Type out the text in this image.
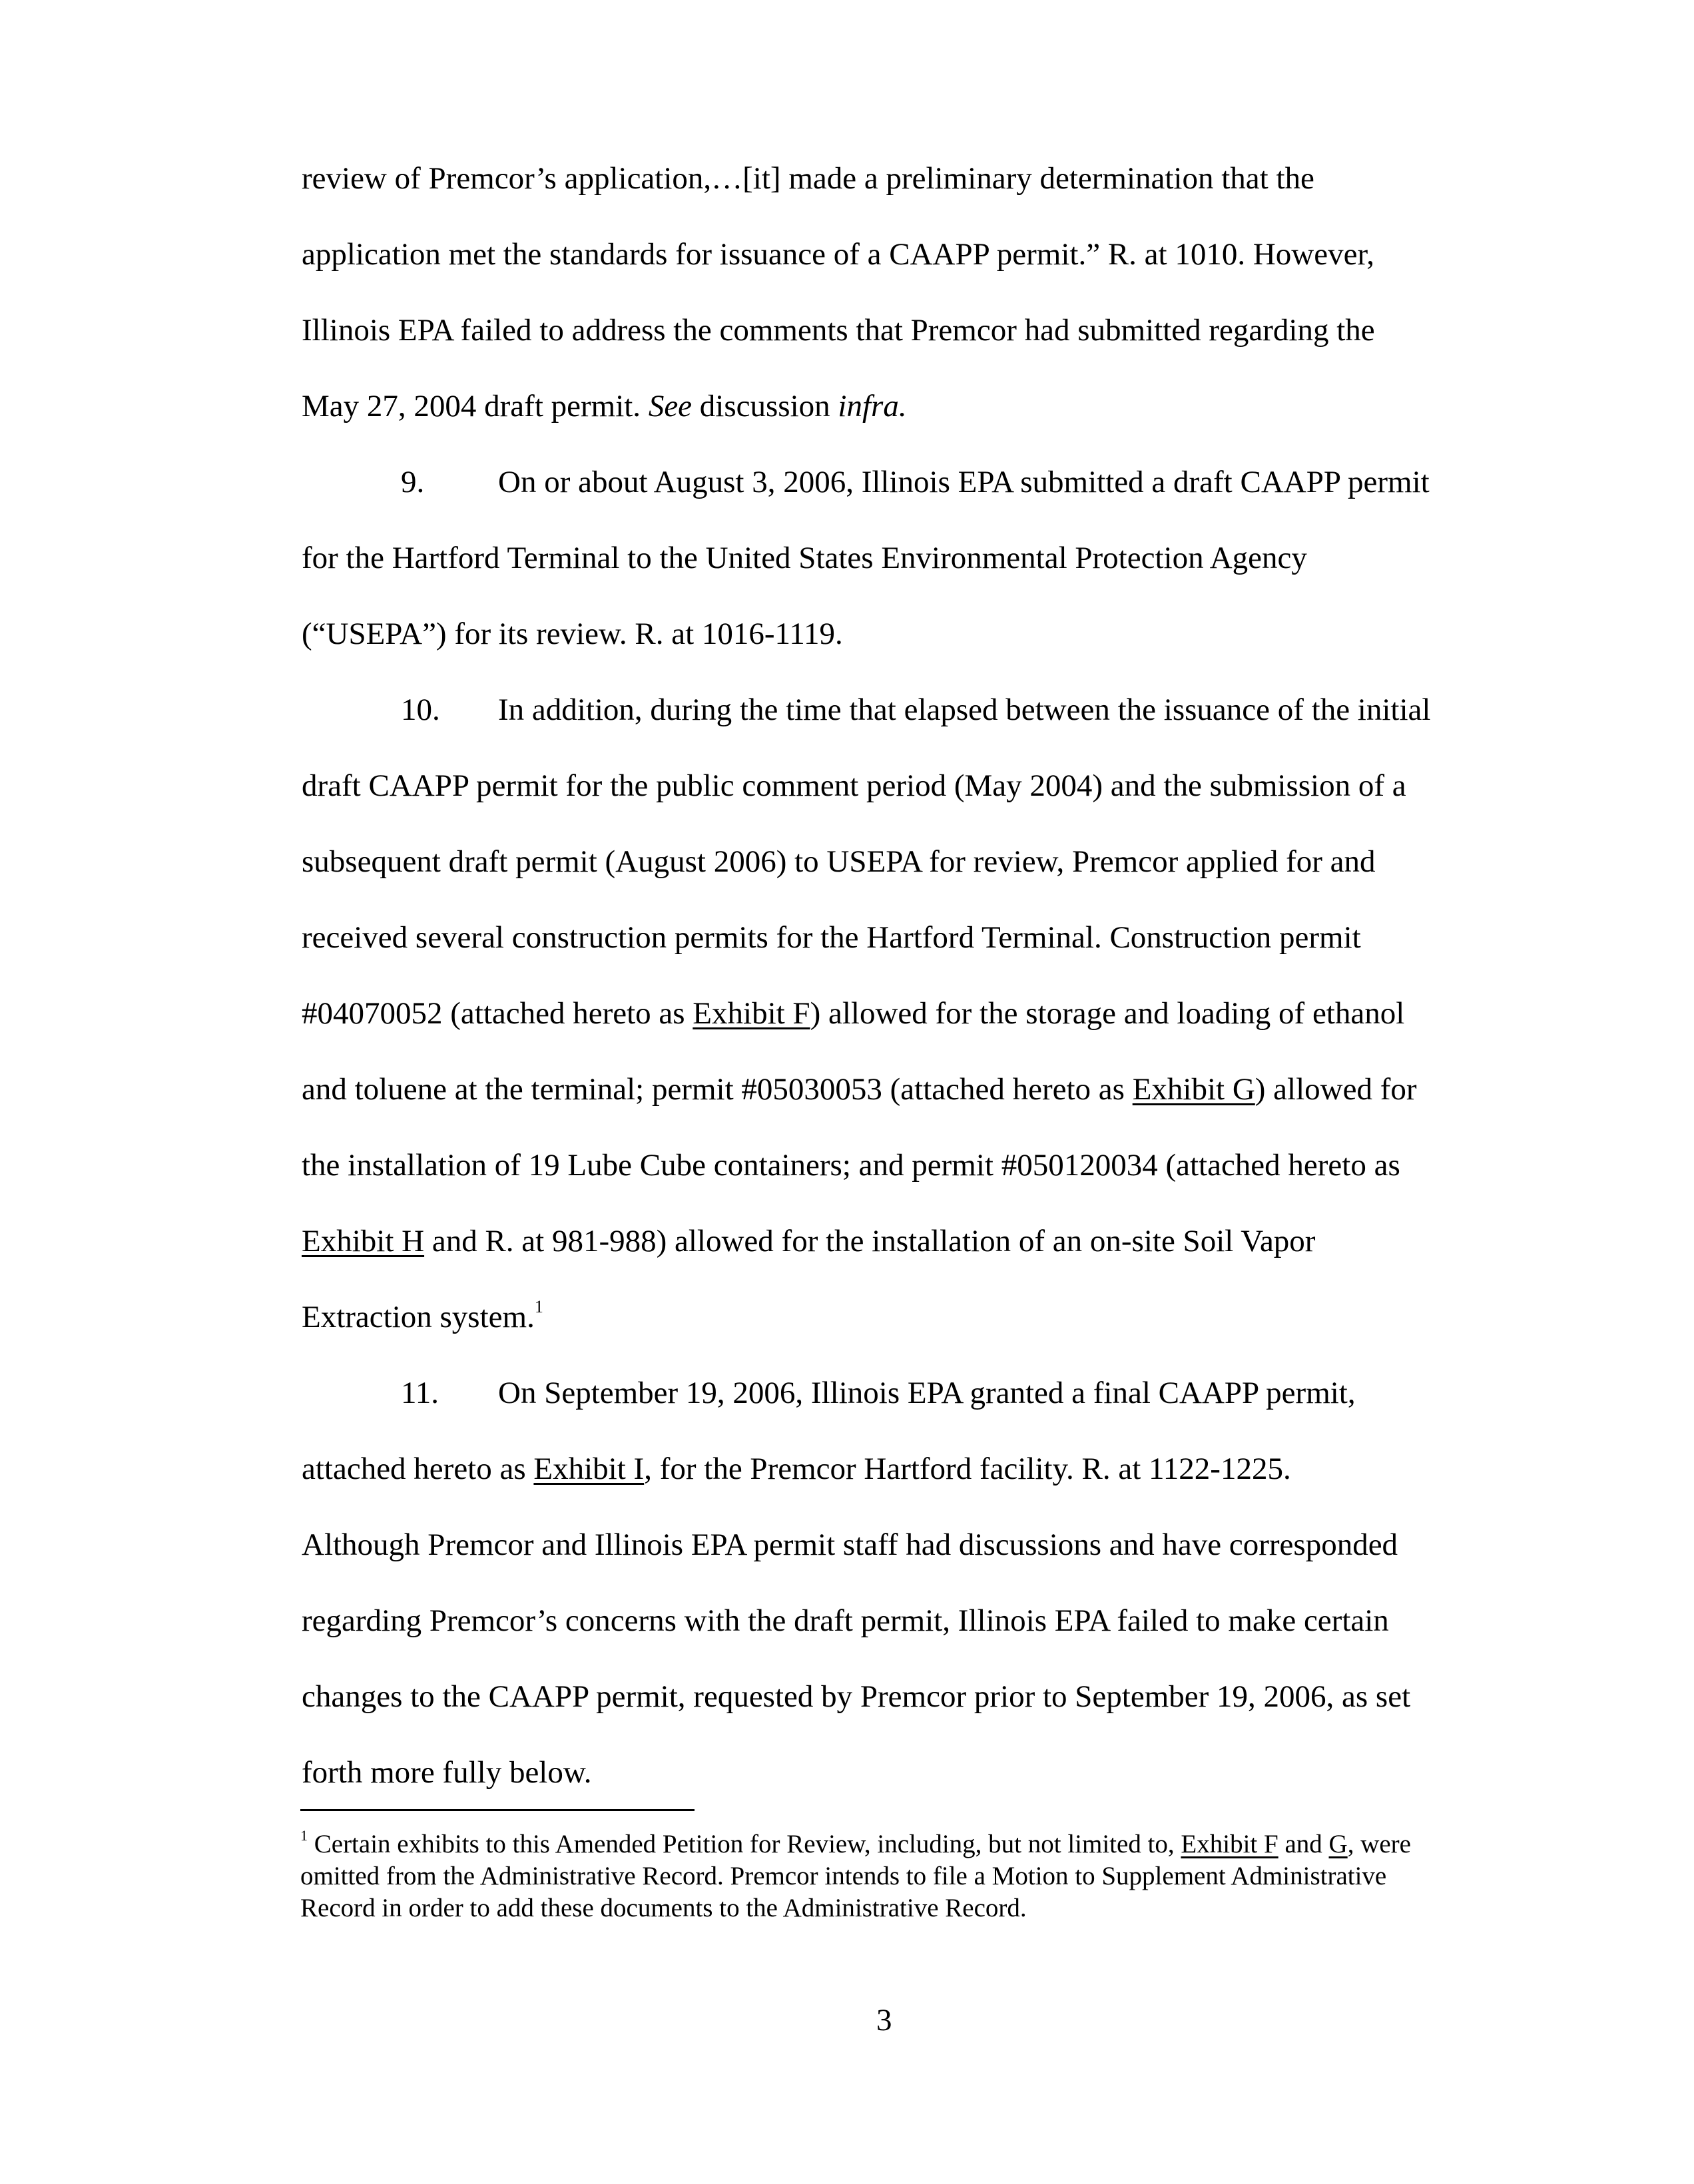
review of Premcor’s application,…[it] made a preliminary determination that the
application met the standards for issuance of a CAAPP permit.” R. at 1010. However,
Illinois EPA failed to address the comments that Premcor had submitted regarding the
May 27, 2004 draft permit. See discussion infra.
9. On or about August 3, 2006, Illinois EPA submitted a draft CAAPP permit
for the Hartford Terminal to the United States Environmental Protection Agency
(“USEPA”) for its review. R. at 1016-1119.
10. In addition, during the time that elapsed between the issuance of the initial
draft CAAPP permit for the public comment period (May 2004) and the submission of a
subsequent draft permit (August 2006) to USEPA for review, Premcor applied for and
received several construction permits for the Hartford Terminal. Construction permit
#04070052 (attached hereto as Exhibit F) allowed for the storage and loading of ethanol
and toluene at the terminal; permit #05030053 (attached hereto as Exhibit G) allowed for
the installation of 19 Lube Cube containers; and permit #050120034 (attached hereto as
Exhibit H and R. at 981-988) allowed for the installation of an on-site Soil Vapor
Extraction system.$^1$
11. On September 19, 2006, Illinois EPA granted a final CAAPP permit,
attached hereto as Exhibit I, for the Premcor Hartford facility. R. at 1122-1225.
Although Premcor and Illinois EPA permit staff had discussions and have corresponded
regarding Premcor’s concerns with the draft permit, Illinois EPA failed to make certain
changes to the CAAPP permit, requested by Premcor prior to September 19, 2006, as set
forth more fully below.
$^1$ Certain exhibits to this Amended Petition for Review, including, but not limited to, Exhibit F and G, were
omitted from the Administrative Record. Premcor intends to file a Motion to Supplement Administrative
Record in order to add these documents to the Administrative Record.
3
